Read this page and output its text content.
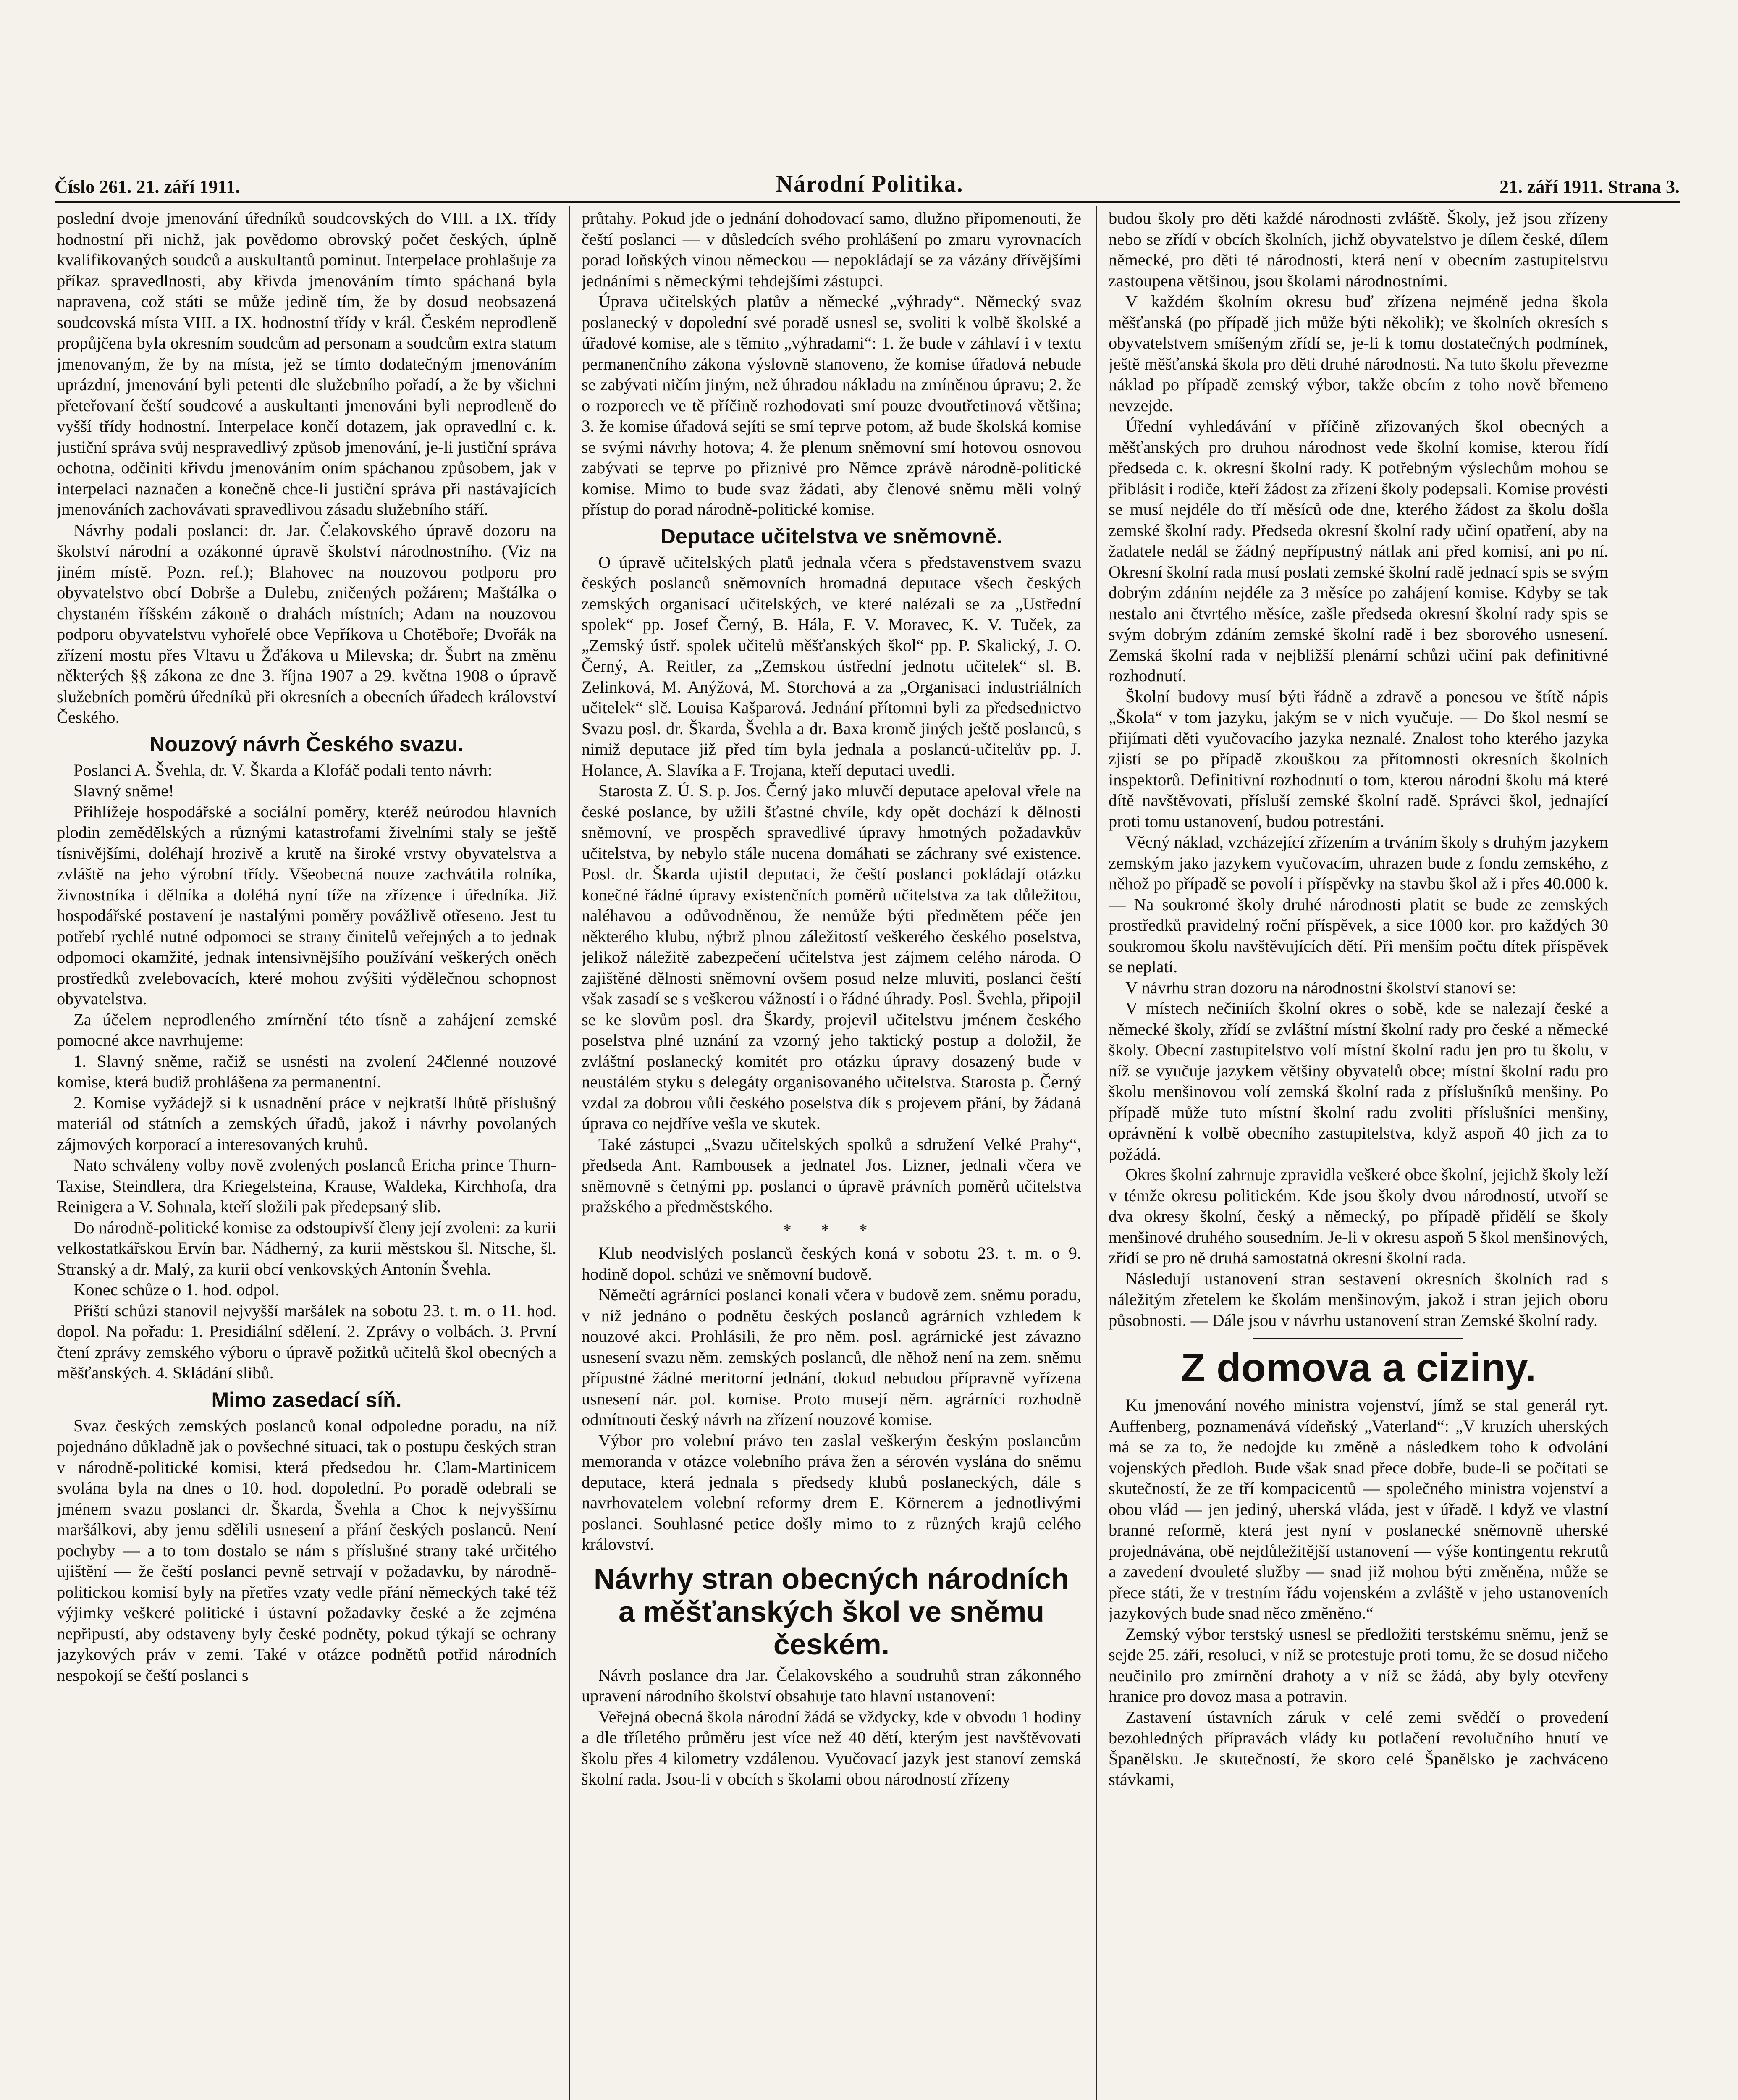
Číslo 261. 21. září 1911.	Národní Politika.	21. září 1911. Strana 3.

poslední dvoje jmenování úředníků soudcovských do VIII. a IX. třídy hodnostní při nichž, jak povědomo obrovský počet českých, úplně kvalifikovaných soudců a auskultantů pominut. Interpelace prohlašuje za příkaz spravedlnosti, aby křivda jmenováním tímto spáchaná byla napravena, což státi se může jedině tím, že by dosud neobsazená soudcovská místa VIII. a IX. hodnostní třídy v král. Českém neprodleně propůjčena byla okresním soudcům ad personam a soudcům extra statum jmenovaným, že by na místa, jež se tímto dodatečným jmenováním uprázdní, jmenování byli petenti dle služebního pořadí, a že by všichni přeteřovaní čeští soudcové a auskultanti jmenováni byli neprodleně do vyšší třídy hodnostní. Interpelace končí dotazem, jak opravedlní c. k. justiční správa svůj nespravedlivý způsob jmenování, je-li justiční správa ochotna, odčiniti křivdu jmenováním oním spáchanou způsobem, jak v interpelaci naznačen a konečně chce-li justiční správa při nastávajících jmenováních zachovávati spravedlivou zásadu služebního stáří.

Návrhy podali poslanci: dr. Jar. Čelakovského úpravě dozoru na školství národní a ozákonné úpravě školství národnostního. (Viz na jiném místě. Pozn. ref.); Blahovec na nouzovou podporu pro obyvatelstvo obcí Dobrše a Dulebu, zničených požárem; Maštálka o chystaném říšském zákoně o drahách místních; Adam na nouzovou podporu obyvatelstvu vyhořelé obce Vepříkova u Chotěboře; Dvořák na zřízení mostu přes Vltavu u Žďákova u Milevska; dr. Šubrt na změnu některých §§ zákona ze dne 3. října 1907 a 29. května 1908 o úpravě služebních poměrů úředníků při okresních a obecních úřadech království Českého.

Nouzový návrh Českého svazu.

Poslanci A. Švehla, dr. V. Škarda a Klofáč podali tento návrh:

Slavný sněme!

Přihlížeje hospodářské a sociální poměry, kteréž neúrodou hlavních plodin zemědělských a různými katastrofami živelními staly se ještě tísnivějšími, doléhají hrozivě a krutě na široké vrstvy obyvatelstva a zvláště na jeho výrobní třídy. Všeobecná nouze zachvátila rolníka, živnostníka i dělníka a doléhá nyní tíže na zřízence i úředníka. Již hospodářské postavení je nastalými poměry povážlivě otřeseno. Jest tu potřebí rychlé nutné odpomoci se strany činitelů veřejných a to jednak odpomoci okamžité, jednak intensivnějšího používání veškerých oněch prostředků zvelebovacích, které mohou zvýšiti výdělečnou schopnost obyvatelstva.

Za účelem neprodleného zmírnění této tísně a zahájení zemské pomocné akce navrhujeme:

1. Slavný sněme, račiž se usnésti na zvolení 24členné nouzové komise, která budiž prohlášena za permanentní.

2. Komise vyžádejž si k usnadnění práce v nejkratší lhůtě příslušný materiál od státních a zemských úřadů, jakož i návrhy povolaných zájmových korporací a interesovaných kruhů.

Nato schváleny volby nově zvolených poslanců Ericha prince Thurn-Taxise, Steindlera, dra Kriegelsteina, Krause, Waldeka, Kirchhofa, dra Reinigera a V. Sohnala, kteří složili pak předepsaný slib.

Do národně-politické komise za odstoupivší členy její zvoleni: za kurii velkostatkářskou Ervín bar. Nádherný, za kurii městskou šl. Nitsche, šl. Stranský a dr. Malý, za kurii obcí venkovských Antonín Švehla.

Konec schůze o 1. hod. odpol.

Příští schůzi stanovil nejvyšší maršálek na sobotu 23. t. m. o 11. hod. dopol. Na pořadu: 1. Presidiální sdělení. 2. Zprávy o volbách. 3. První čtení zprávy zemského výboru o úpravě požitků učitelů škol obecných a měšťanských. 4. Skládání slibů.

Mimo zasedací síň.

Svaz českých zemských poslanců konal odpoledne poradu, na níž pojednáno důkladně jak o povšechné situaci, tak o postupu českých stran v národně-politické komisi, která předsedou hr. Clam-Martinicem svolána byla na dnes o 10. hod. dopolední. Po poradě odebrali se jménem svazu poslanci dr. Škarda, Švehla a Choc k nejvyššímu maršálkovi, aby jemu sdělili usnesení a přání českých poslanců. Není pochyby — a to tom dostalo se nám s příslušné strany také určitého ujištění — že čeští poslanci pevně setrvají v požadavku, by národně-politickou komisí byly na přetřes vzaty vedle přání německých také též výjimky veškeré politické i ústavní požadavky české a že zejména nepřipustí, aby odstaveny byly české podněty, pokud týkají se ochrany jazykových práv v zemi. Také v otázce podnětů potřid národních nespokojí se čeští poslanci s

průtahy. Pokud jde o jednání dohodovací samo, dlužno připomenouti, že čeští poslanci — v důsledcích svého prohlášení po zmaru vyrovnacích porad loňských vinou německou — nepokládají se za vázány dřívějšími jednáními s německými tehdejšími zástupci.

Úprava učitelských platův a německé „výhrady“. Německý svaz poslanecký v dopolední své poradě usnesl se, svoliti k volbě školské a úřadové komise, ale s těmito „výhradami“: 1. že bude v záhlaví i v textu permanenčního zákona výslovně stanoveno, že komise úřadová nebude se zabývati ničím jiným, než úhradou nákladu na zmíněnou úpravu; 2. že o rozporech ve tě příčině rozhodovati smí pouze dvoutřetinová většina; 3. že komise úřadová sejíti se smí teprve potom, až bude školská komise se svými návrhy hotova; 4. že plenum sněmovní smí hotovou osnovou zabývati se teprve po přiznivé pro Němce zprávě národně-politické komise. Mimo to bude svaz žádati, aby členové sněmu měli volný přístup do porad národně-politické komise.

Deputace učitelstva ve sněmovně.

O úpravě učitelských platů jednala včera s představenstvem svazu českých poslanců sněmovních hromadná deputace všech českých zemských organisací učitelských, ve které nalézali se za „Ustřední spolek“ pp. Josef Černý, B. Hála, F. V. Moravec, K. V. Tuček, za „Zemský ústř. spolek učitelů měšťanských škol“ pp. P. Skalický, J. O. Černý, A. Reitler, za „Zemskou ústřední jednotu učitelek“ sl. B. Zelinková, M. Anýžová, M. Storchová a za „Organisaci industriálních učitelek“ slč. Louisa Kašparová. Jednání přítomni byli za předsednictvo Svazu posl. dr. Škarda, Švehla a dr. Baxa kromě jiných ještě poslanců, s nimiž deputace již před tím byla jednala a poslanců-učitelův pp. J. Holance, A. Slavíka a F. Trojana, kteří deputaci uvedli.

Starosta Z. Ú. S. p. Jos. Černý jako mluvčí deputace apeloval vřele na české poslance, by užili šťastné chvíle, kdy opět dochází k dělnosti sněmovní, ve prospěch spravedlivé úpravy hmotných požadavkův učitelstva, by nebylo stále nucena domáhati se záchrany své existence. Posl. dr. Škarda ujistil deputaci, že čeští poslanci pokládají otázku konečné řádné úpravy existenčních poměrů učitelstva za tak důležitou, naléhavou a odůvodněnou, že nemůže býti předmětem péče jen některého klubu, nýbrž plnou záležitostí veškerého českého poselstva, jelikož náležitě zabezpečení učitelstva jest zájmem celého národa. O zajištěné dělnosti sněmovní ovšem posud nelze mluviti, poslanci čeští však zasadí se s veškerou vážností i o řádné úhrady. Posl. Švehla, připojil se ke slovům posl. dra Škardy, projevil učitelstvu jménem českého poselstva plné uznání za vzorný jeho taktický postup a doložil, že zvláštní poslanecký komitét pro otázku úpravy dosazený bude v neustálém styku s delegáty organisovaného učitelstva. Starosta p. Černý vzdal za dobrou vůli českého poselstva dík s projevem přání, by žádaná úprava co nejdříve vešla ve skutek.

Také zástupci „Svazu učitelských spolků a sdružení Velké Prahy“, předseda Ant. Rambousek a jednatel Jos. Lizner, jednali včera ve sněmovně s četnými pp. poslanci o úpravě právních poměrů učitelstva pražského a předměstského.

* * *

Klub neodvislých poslanců českých koná v sobotu 23. t. m. o 9. hodině dopol. schůzi ve sněmovní budově.

Němečtí agrárníci poslanci konali včera v budově zem. sněmu poradu, v níž jednáno o podnětu českých poslanců agrárních vzhledem k nouzové akci. Prohlásili, že pro něm. posl. agrárnické jest závazno usnesení svazu něm. zemských poslanců, dle něhož není na zem. sněmu přípustné žádné meritorní jednání, dokud nebudou přípravně vyřízena usnesení nár. pol. komise. Proto musejí něm. agrárníci rozhodně odmítnouti český návrh na zřízení nouzové komise.

Výbor pro volební právo ten zaslal veškerým českým poslancům memoranda v otázce volebního práva žen a sérovén vyslána do sněmu deputace, která jednala s předsedy klubů poslaneckých, dále s navrhovatelem volební reformy drem E. Körnerem a jednotlivými poslanci. Souhlasné petice došly mimo to z různých krajů celého království.

Návrhy stran obecných národních a měšťanských škol ve sněmu českém.

Návrh poslance dra Jar. Čelakovského a soudruhů stran zákonného upravení národního školství obsahuje tato hlavní ustanovení:

Veřejná obecná škola národní žádá se vždycky, kde v obvodu 1 hodiny a dle tříletého průměru jest více než 40 dětí, kterým jest navštěvovati školu přes 4 kilometry vzdálenou. Vyučovací jazyk jest stanoví zemská školní rada. Jsou-li v obcích s školami obou národností zřízeny

budou školy pro děti každé národnosti zvláště. Školy, jež jsou zřízeny nebo se zřídí v obcích školních, jichž obyvatelstvo je dílem české, dílem německé, pro děti té národnosti, která není v obecním zastupitelstvu zastoupena většinou, jsou školami národnostními.

V každém školním okresu buď zřízena nejméně jedna škola měšťanská (po případě jich může býti několik); ve školních okresích s obyvatelstvem smíšeným zřídí se, je-li k tomu dostatečných podmínek, ještě měšťanská škola pro děti druhé národnosti. Na tuto školu převezme náklad po případě zemský výbor, takže obcím z toho nově břemeno nevzejde.

Úřední vyhledávání v příčině zřizovaných škol obecných a měšťanských pro druhou národnost vede školní komise, kterou řídí předseda c. k. okresní školní rady. K potřebným výslechům mohou se přiblásit i rodiče, kteří žádost za zřízení školy podepsali. Komise provésti se musí nejdéle do tří měsíců ode dne, kterého žádost za školu došla zemské školní rady. Předseda okresní školní rady učiní opatření, aby na žadatele nedál se žádný nepřípustný nátlak ani před komisí, ani po ní. Okresní školní rada musí poslati zemské školní radě jednací spis se svým dobrým zdáním nejdéle za 3 měsíce po zahájení komise. Kdyby se tak nestalo ani čtvrtého měsíce, zašle předseda okresní školní rady spis se svým dobrým zdáním zemské školní radě i bez sborového usnesení. Zemská školní rada v nejbližší plenární schůzi učiní pak definitivné rozhodnutí.

Školní budovy musí býti řádně a zdravě a ponesou ve štítě nápis „Škola“ v tom jazyku, jakým se v nich vyučuje. — Do škol nesmí se přijímati děti vyučovacího jazyka neznalé. Znalost toho kterého jazyka zjistí se po případě zkouškou za přítomnosti okresních školních inspektorů. Definitivní rozhodnutí o tom, kterou národní školu má které dítě navštěvovati, přísluší zemské školní radě. Správci škol, jednající proti tomu ustanovení, budou potrestáni.

Věcný náklad, vzcházející zřízením a trváním školy s druhým jazykem zemským jako jazykem vyučovacím, uhrazen bude z fondu zemského, z něhož po případě se povolí i příspěvky na stavbu škol až i přes 40.000 k. — Na soukromé školy druhé národnosti platit se bude ze zemských prostředků pravidelný roční příspěvek, a sice 1000 kor. pro každých 30 soukromou školu navštěvujících dětí. Při menším počtu dítek příspěvek se neplatí.

V návrhu stran dozoru na národnostní školství stanoví se:

V místech nečiniích školní okres o sobě, kde se nalezají české a německé školy, zřídí se zvláštní místní školní rady pro české a německé školy. Obecní zastupitelstvo volí místní školní radu jen pro tu školu, v níž se vyučuje jazykem většiny obyvatelů obce; místní školní radu pro školu menšinovou volí zemská školní rada z příslušníků menšiny. Po případě může tuto místní školní radu zvoliti příslušníci menšiny, oprávnění k volbě obecního zastupitelstva, když aspoň 40 jich za to požádá.

Okres školní zahrnuje zpravidla veškeré obce školní, jejichž školy leží v témže okresu politickém. Kde jsou školy dvou národností, utvoří se dva okresy školní, český a německý, po případě přidělí se školy menšinové druhého sousedním. Je-li v okresu aspoň 5 škol menšinových, zřídí se pro ně druhá samostatná okresní školní rada.

Následují ustanovení stran sestavení okresních školních rad s náležitým zřetelem ke školám menšinovým, jakož i stran jejich oboru působnosti. — Dále jsou v návrhu ustanovení stran Zemské školní rady.

Z domova a ciziny.

Ku jmenování nového ministra vojenství, jímž se stal generál ryt. Auffenberg, poznamenává vídeňský „Vaterland“: „V kruzích uherských má se za to, že nedojde ku změně a následkem toho k odvolání vojenských předloh. Bude však snad přece dobře, bude-li se počítati se skutečností, že ze tří kompacicentů — společného ministra vojenství a obou vlád — jen jediný, uherská vláda, jest v úřadě. I když ve vlastní branné reformě, která jest nyní v poslanecké sněmovně uherské projednávána, obě nejdůležitější ustanovení — výše kontingentu rekrutů a zavedení dvouleté služby — snad již mohou býti změněna, může se přece státi, že v trestním řádu vojenském a zvláště v jeho ustanoveních jazykových bude snad něco změněno.“

Zemský výbor terstský usnesl se předložiti terstskému sněmu, jenž se sejde 25. září, resoluci, v níž se protestuje proti tomu, že se dosud ničeho neučinilo pro zmírnění drahoty a v níž se žádá, aby byly otevřeny hranice pro dovoz masa a potravin.

Zastavení ústavních záruk v celé zemi svědčí o provedení bezohledných přípravách vlády ku potlačení revolučního hnutí ve Španělsku. Je skutečností, že skoro celé Španělsko je zachváceno stávkami,
